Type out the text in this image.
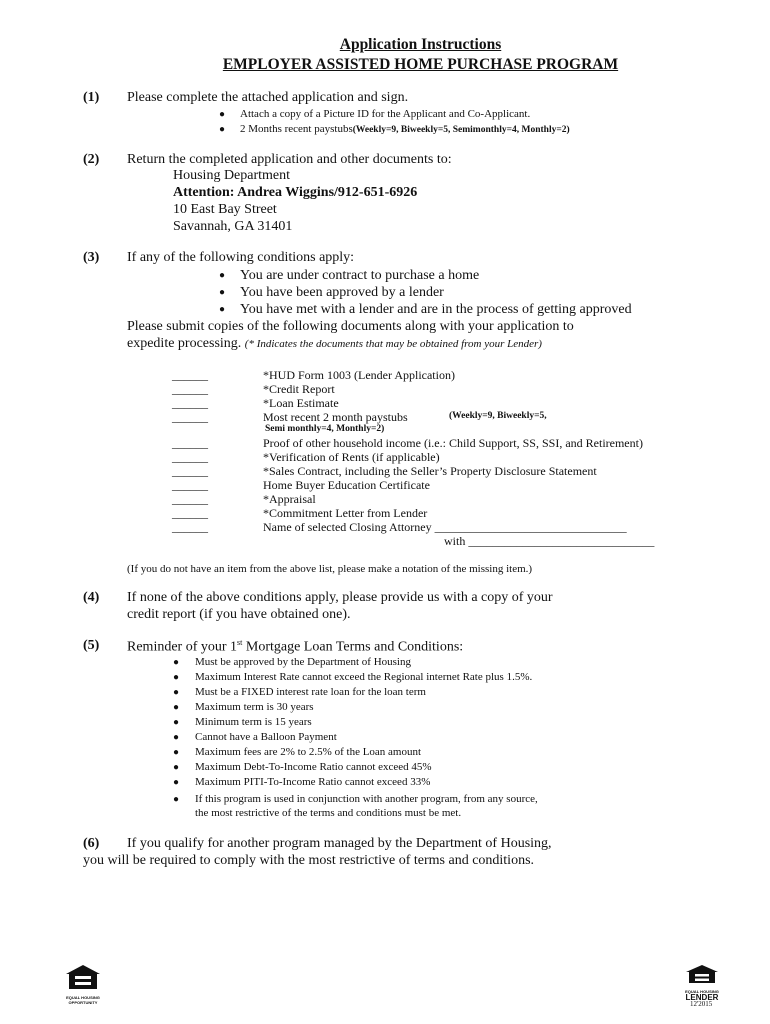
Application Instructions
EMPLOYER ASSISTED HOME PURCHASE PROGRAM
(1) Please complete the attached application and sign.
● Attach a copy of a Picture ID for the Applicant and Co-Applicant.
● 2 Months recent paystubs(Weekly=9, Biweekly=5, Semimonthly=4, Monthly=2)
(2) Return the completed application and other documents to:
Housing Department
Attention: Andrea Wiggins/912-651-6926
10 East Bay Street
Savannah, GA 31401
(3) If any of the following conditions apply:
● You are under contract to purchase a home
● You have been approved by a lender
● You have met with a lender and are in the process of getting approved
Please submit copies of the following documents along with your application to
expedite processing. (* Indicates the documents that may be obtained from your Lender)
______	*HUD Form 1003 (Lender Application)
______	*Credit Report
______	*Loan Estimate
______	Most recent 2 month paystubs
______	Proof of other household income (i.e.: Child Support, SS, SSI, and Retirement)
______	*Verification of Rents (if applicable)
______	*Sales Contract, including the Seller’s Property Disclosure Statement
______	Home Buyer Education Certificate
______	*Appraisal
______	*Commitment Letter from Lender
______	Name of selected Closing Attorney ________________________________
(Weekly=9, Biweekly=5,
Semi monthly=4, Monthly=2)
with _______________________________
(If you do not have an item from the above list, please make a notation of the missing item.)
(4) If none of the above conditions apply, please provide us with a copy of your
credit report (if you have obtained one).
(5) Reminder of your 1st Mortgage Loan Terms and Conditions:
● Must be approved by the Department of Housing
● Maximum Interest Rate cannot exceed the Regional internet Rate plus 1.5%.
● Must be a FIXED interest rate loan for the loan term
● Maximum term is 30 years
● Minimum term is 15 years
● Cannot have a Balloon Payment
● Maximum fees are 2% to 2.5% of the Loan amount
● Maximum Debt-To-Income Ratio cannot exceed 45%
● Maximum PITI-To-Income Ratio cannot exceed 33%
● If this program is used in conjunction with another program, from any source,
the most restrictive of the terms and conditions must be met.
(6) If you qualify for another program managed by the Department of Housing,
you will be required to comply with the most restrictive of terms and conditions.
EQUAL HOUSING
OPPORTUNITY
EQUAL HOUSING
LENDER
12'2015
